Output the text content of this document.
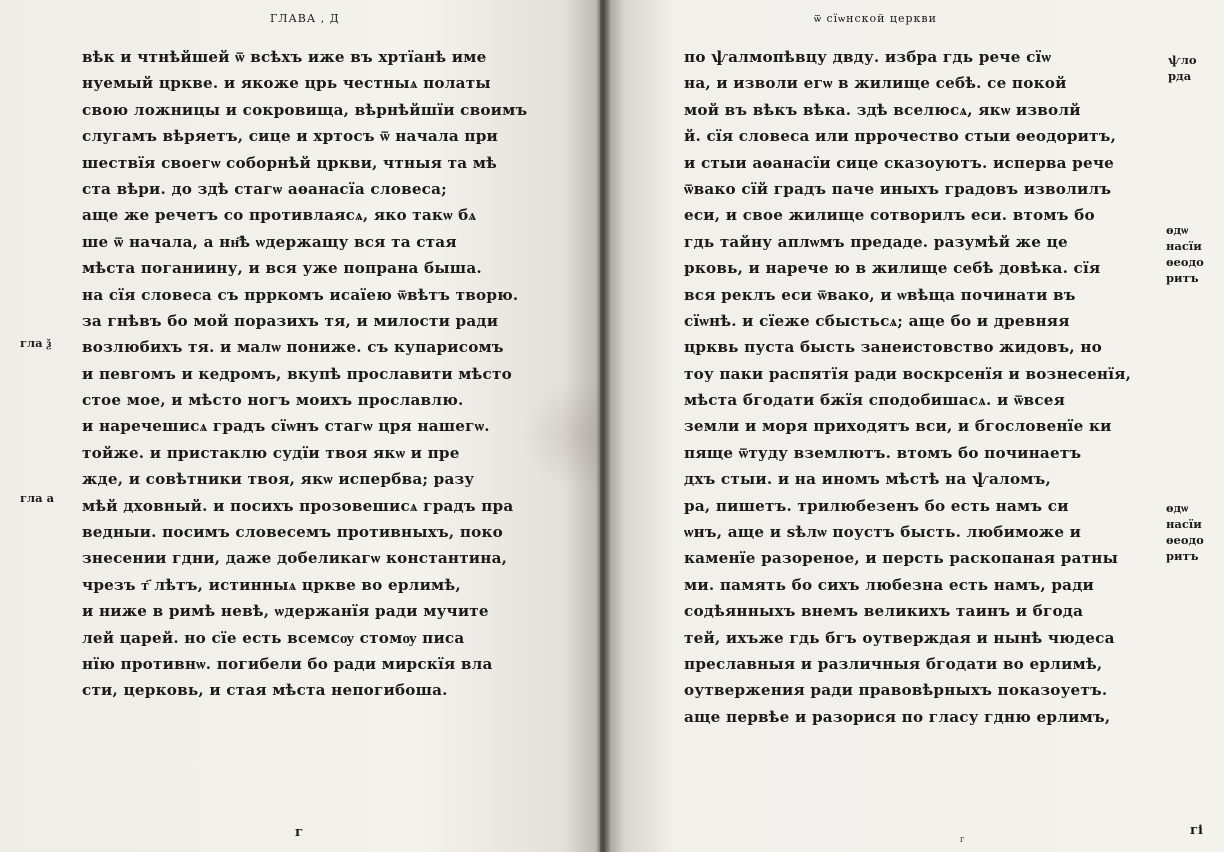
ГЛАВА , Д
вѣк и чтнѣйшей ѿ всѣхъ иже въ хртїанѣ име
нуемый цркве. и якоже црь честныѧ полаты
свою ложницы и сокровища, вѣрнѣйшїи своимъ
слугамъ вѣряетъ, сице и хртосъ ѿ начала при
шествїя своегѡ соборнѣй цркви, чтныя та мѣ
ста вѣри. до здѣ стагѡ аѳанасїа словеса;
аще же речетъ со противлаясѧ, яко такѡ бѧ
ше ѿ начала, а нн҃ѣ ѡдержащу вся та стая
мѣста поганиину, и вся уже попрана быша.
на сїя словеса съ прркомъ исаїею ѿвѣтъ творю.
за гнѣвъ бо мой поразихъ тя, и милости ради
возлюбихъ тя. и малѡ пониже. съ купарисомъ
и певгомъ и кедромъ, вкупѣ прославити мѣсто
стое мое, и мѣсто ногъ моихъ прославлю.
и наречешисѧ градъ сїѡнъ стагѡ цря нашегѡ.
тойже. и пристаклю судїи твоя якѡ и пре
жде, и совѣтники твоя, якѡ испербва; разу
мѣй дховный. и посихъ прозовешисѧ градъ пра
ведныи. посимъ словесемъ противныхъ, поко
знесении гдни, даже добеликагѡ константина,
чрезъ т҃ лѣтъ, истинныѧ цркве во ерлимѣ,
и ниже в римѣ невѣ, ѡдержанїя ради мучите
лей царей. но сїе есть всемсѹ стомѹ писа
нїю противнѡ. погибели бо ради мирскїя вла
сти, церковь, и стая мѣста непогибоша.
гла ѯ
гла а
г
ѿ сїѡнской церкви
по ѱалмопѣвцу двду. избра гдь рече сїѡ
на, и изволи егѡ в жилище себѣ. се покой
мой въ вѣкъ вѣка. здѣ всeлюсѧ, якѡ изволй
й. сїя словеса или пррочество стыи ѳеодоритъ,
и стыи аѳанасїи сице сказоуютъ. испервa рече
ѿвако сїй градъ паче иныхъ градовъ изволилъ
еси, и свое жилище сотворилъ еси. втомъ бо
гдь тайну аплѡмъ предаде. разумѣй же це
рковь, и нарече ю в жилище себѣ довѣка. сїя
вся реклъ еси ѿвако, и ѡвѣща починати въ
сїѡнѣ. и сїеже сбыстьсѧ; аще бо и древняя
црквь пуста бысть занеистовство жидовъ, но
тоу паки распятїя ради воскрсенїя и вознесенїя,
мѣста бгодати бжїя сподобишасѧ. и ѿвсея
земли и моря приходятъ вси, и бгословенїе ки
пяще ѿтуду вземлютъ. втомъ бо починаетъ
дхъ стыи. и на иномъ мѣстѣ на ѱаломъ,
ра, пишетъ. трилюбезенъ бо есть намъ си
ѡнъ, аще и ѕѣлѡ поустъ бысть. любиможе и
каменїе разореное, и персть раскопаная ратны
ми. память бо сихъ любезна есть намъ, ради
содѣянныхъ внемъ великихъ таинъ и бгода
тей, ихъже гдь бгъ оутверждая и нынѣ чюдеса
преславныя и различныя бгодати во ерлимѣ,
оутвержения ради правовѣрныхъ показоуетъ.
аще первѣе и разорися по гласу гдню ерлимъ,
ѱло рда
ѳдѡ насїи ѳеодо ритъ
ѳдѡ насїи ѳеодо ритъ
г
гі
